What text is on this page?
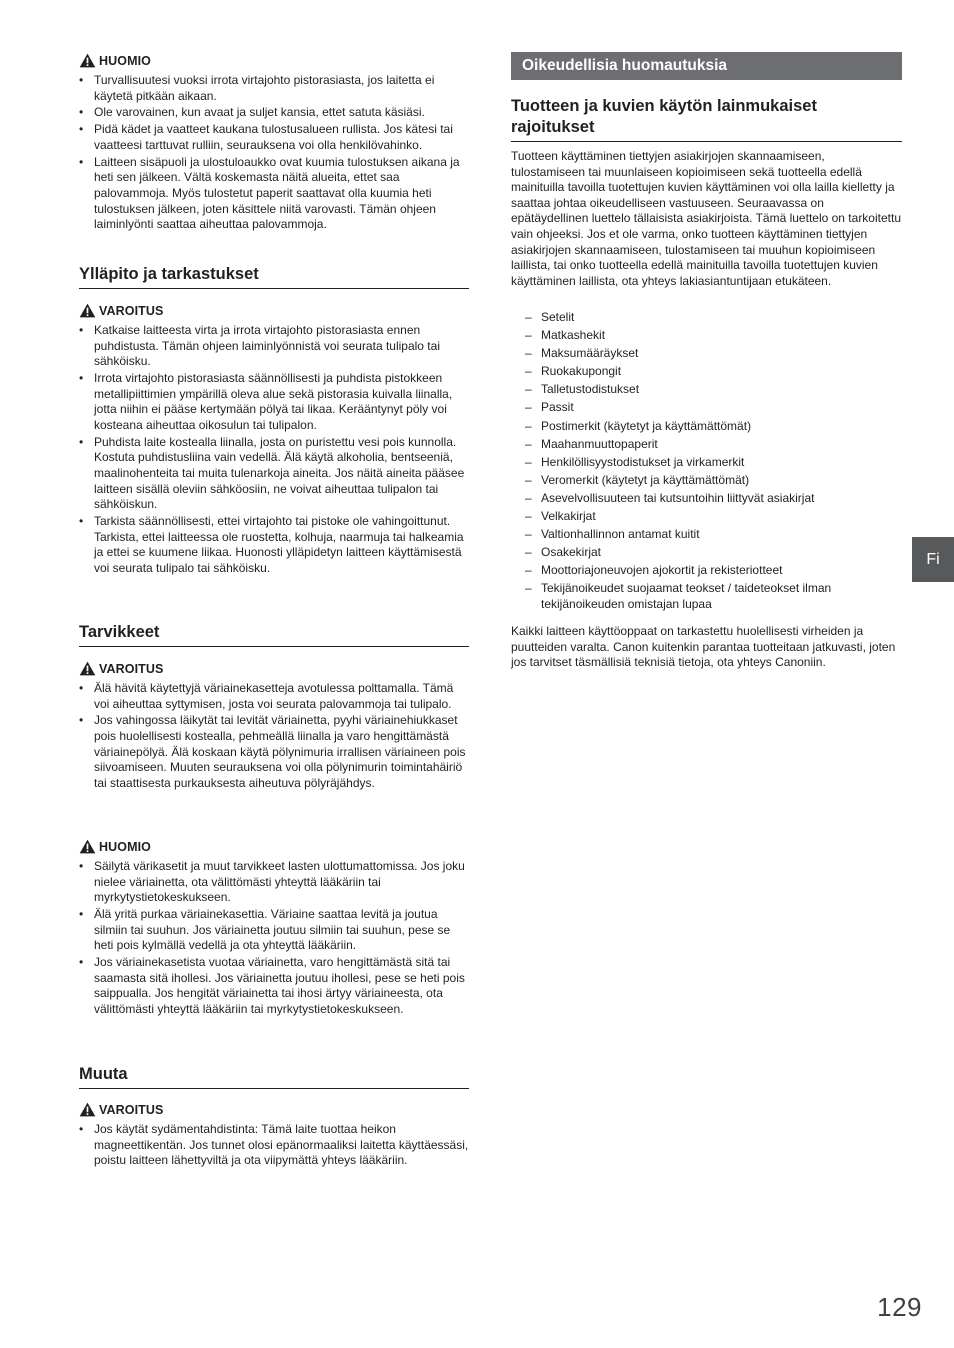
HUOMIO
• Turvallisuutesi vuoksi irrota virtajohto pistorasiasta, jos laitetta ei käytetä pitkään aikaan.
• Ole varovainen, kun avaat ja suljet kansia, ettet satuta käsiäsi.
• Pidä kädet ja vaatteet kaukana tulostusalueen rullista. Jos kätesi tai vaatteesi tarttuvat rulliin, seurauksena voi olla henkilövahinko.
• Laitteen sisäpuoli ja ulostuloaukko ovat kuumia tulostuksen aikana ja heti sen jälkeen. Vältä koskemasta näitä alueita, ettet saa palovammoja. Myös tulostetut paperit saattavat olla kuumia heti tulostuksen jälkeen, joten käsittele niitä varovasti. Tämän ohjeen laiminlyönti saattaa aiheuttaa palovammoja.
Ylläpito ja tarkastukset
VAROITUS
• Katkaise laitteesta virta ja irrota virtajohto pistorasiasta ennen puhdistusta. Tämän ohjeen laiminlyönnistä voi seurata tulipalo tai sähköisku.
• Irrota virtajohto pistorasiasta säännöllisesti ja puhdista pistokkeen metallipiittimien ympärillä oleva alue sekä pistorasia kuivalla liinalla, jotta niihin ei pääse kertymään pölyä tai likaa. Kerääntynyt pöly voi kosteana aiheuttaa oikosulun tai tulipalon.
• Puhdista laite kostealla liinalla, josta on puristettu vesi pois kunnolla. Kostuta puhdistusliina vain vedellä. Älä käytä alkoholia, bentseeniä, maalinohenteita tai muita tulenarkoja aineita. Jos näitä aineita pääsee laitteen sisällä oleviin sähköosiin, ne voivat aiheuttaa tulipalon tai sähköiskun.
• Tarkista säännöllisesti, ettei virtajohto tai pistoke ole vahingoittunut. Tarkista, ettei laitteessa ole ruostetta, kolhuja, naarmuja tai halkeamia ja ettei se kuumene liikaa. Huonosti ylläpidetyn laitteen käyttämisestä voi seurata tulipalo tai sähköisku.
Tarvikkeet
VAROITUS
• Älä hävitä käytettyjä väriainekasetteja avotulessa polttamalla. Tämä voi aiheuttaa syttymisen, josta voi seurata palovammoja tai tulipalo.
• Jos vahingossa läikytät tai levität väriainetta, pyyhi väriainehiukkaset pois huolellisesti kostealla, pehmeällä liinalla ja varo hengittämästä väriainepölyä. Älä koskaan käytä pölynimuria irrallisen väriaineen pois siivoamiseen. Muuten seurauksena voi olla pölynimurin toimintahäiriö tai staattisesta purkauksesta aiheutuva pölyräjähdys.
HUOMIO
• Säilytä värikasetit ja muut tarvikkeet lasten ulottumattomissa. Jos joku nielee väriainetta, ota välittömästi yhteyttä lääkäriin tai myrkytystietokeskukseen.
• Älä yritä purkaa väriainekasettia. Väriaine saattaa levitä ja joutua silmiin tai suuhun. Jos väriainetta joutuu silmiin tai suuhun, pese se heti pois kylmällä vedellä ja ota yhteyttä lääkäriin.
• Jos väriainekasetista vuotaa väriainetta, varo hengittämästä sitä tai saamasta sitä ihollesi. Jos väriainetta joutuu ihollesi, pese se heti pois saippualla. Jos hengität väriainetta tai ihosi ärtyy väriaineesta, ota välittömästi yhteyttä lääkäriin tai myrkytystietokeskukseen.
Muuta
VAROITUS
• Jos käytät sydämentahdistinta: Tämä laite tuottaa heikon magneettikentän. Jos tunnet olosi epänormaaliksi laitetta käyttäessäsi, poistu laitteen lähettyviltä ja ota viipymättä yhteys lääkäriin.
Oikeudellisia huomautuksia
Tuotteen ja kuvien käytön lainmukaiset rajoitukset

Tuotteen käyttäminen tiettyjen asiakirjojen skannaamiseen, tulostamiseen tai muunlaiseen kopioimiseen sekä tuotteella edellä mainituilla tavoilla tuotettujen kuvien käyttäminen voi olla lailla kielletty ja saattaa johtaa oikeudelliseen vastuuseen. Seuraavassa on epätäydellinen luettelo tällaisista asiakirjoista. Tämä luettelo on tarkoitettu vain ohjeeksi. Jos et ole varma, onko tuotteen käyttäminen tiettyjen asiakirjojen skannaamiseen, tulostamiseen tai muuhun kopioimiseen laillista, tai onko tuotteella edellä mainituilla tavoilla tuotettujen kuvien käyttäminen laillista, ota yhteys lakiasiantuntijaan etukäteen.

– Setelit
– Matkashekit
– Maksumääräykset
– Ruokakupongit
– Talletustodistukset
– Passit
– Postimerkit (käytetyt ja käyttämättömät)
– Maahanmuuttopaperit
– Henkilöllisyystodistukset ja virkamerkit
– Veromerkit (käytetyt ja käyttämättömät)
– Asevelvollisuuteen tai kutsuntoihin liittyvät asiakirjat
– Velkakirjat
– Valtionhallinnon antamat kuitit
– Osakekirjat
– Moottoriajoneuvojen ajokortit ja rekisteriotteet
– Tekijänoikeudet suojaamat teokset / taideteokset ilman tekijänoikeuden omistajan lupaa

Kaikki laitteen käyttöoppaat on tarkastettu huolellisesti virheiden ja puutteiden varalta. Canon kuitenkin parantaa tuotteitaan jatkuvasti, joten jos tarvitset täsmällisiä teknisiä tietoja, ota yhteys Canoniin.

Fi
129
